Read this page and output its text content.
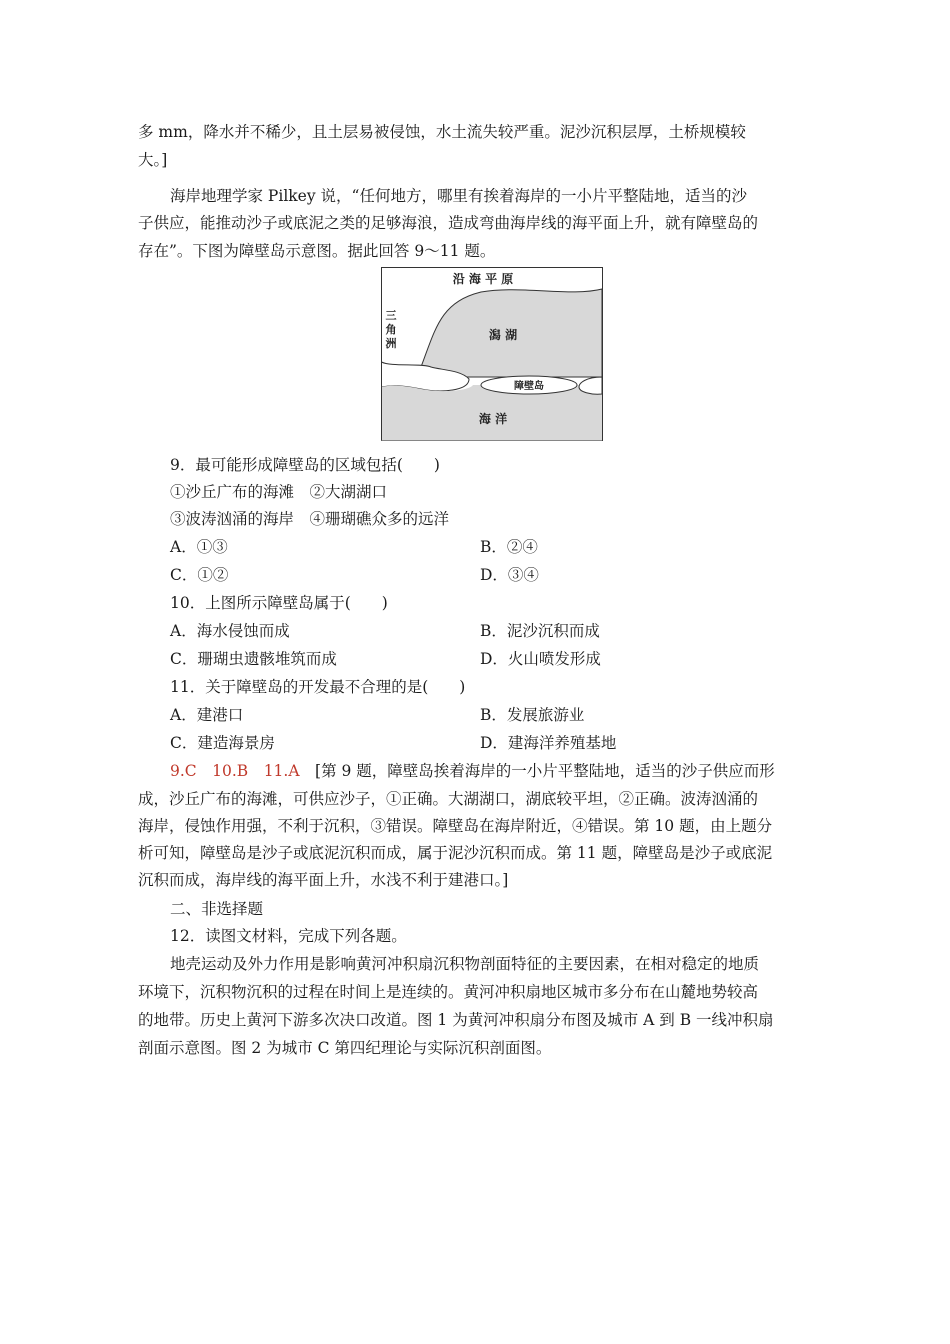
多 mm，降水并不稀少，且土层易被侵蚀，水土流失较严重。泥沙沉积层厚，土桥规模较
大。]
海岸地理学家 Pilkey 说，“任何地方，哪里有挨着海岸的一小片平整陆地，适当的沙
子供应，能推动沙子或底泥之类的足够海浪，造成弯曲海岸线的海平面上升，就有障壁岛的
存在”。下图为障壁岛示意图。据此回答 9～11 题。
沿 海 平 原
三
角
洲
潟 湖
障壁岛
海 洋
9．最可能形成障壁岛的区域包括(　　)
①沙丘广布的海滩　②大湖湖口
③波涛汹涌的海岸　④珊瑚礁众多的远洋
A．①③	B．②④
C．①②	D．③④
10．上图所示障壁岛属于(　　)
A．海水侵蚀而成	B．泥沙沉积而成
C．珊瑚虫遗骸堆筑而成	D．火山喷发形成
11．关于障壁岛的开发最不合理的是(　　)
A．建港口	B．发展旅游业
C．建造海景房	D．建海洋养殖基地
9.C　10.B　11.A　[第 9 题，障壁岛挨着海岸的一小片平整陆地，适当的沙子供应而形
成，沙丘广布的海滩，可供应沙子，①正确。大湖湖口，湖底较平坦，②正确。波涛汹涌的
海岸，侵蚀作用强，不利于沉积，③错误。障壁岛在海岸附近，④错误。第 10 题，由上题分
析可知，障壁岛是沙子或底泥沉积而成，属于泥沙沉积而成。第 11 题，障壁岛是沙子或底泥
沉积而成，海岸线的海平面上升，水浅不利于建港口。]
二、非选择题
12．读图文材料，完成下列各题。
地壳运动及外力作用是影响黄河冲积扇沉积物剖面特征的主要因素，在相对稳定的地质
环境下，沉积物沉积的过程在时间上是连续的。黄河冲积扇地区城市多分布在山麓地势较高
的地带。历史上黄河下游多次决口改道。图 1 为黄河冲积扇分布图及城市 A 到 B 一线冲积扇
剖面示意图。图 2 为城市 C 第四纪理论与实际沉积剖面图。
